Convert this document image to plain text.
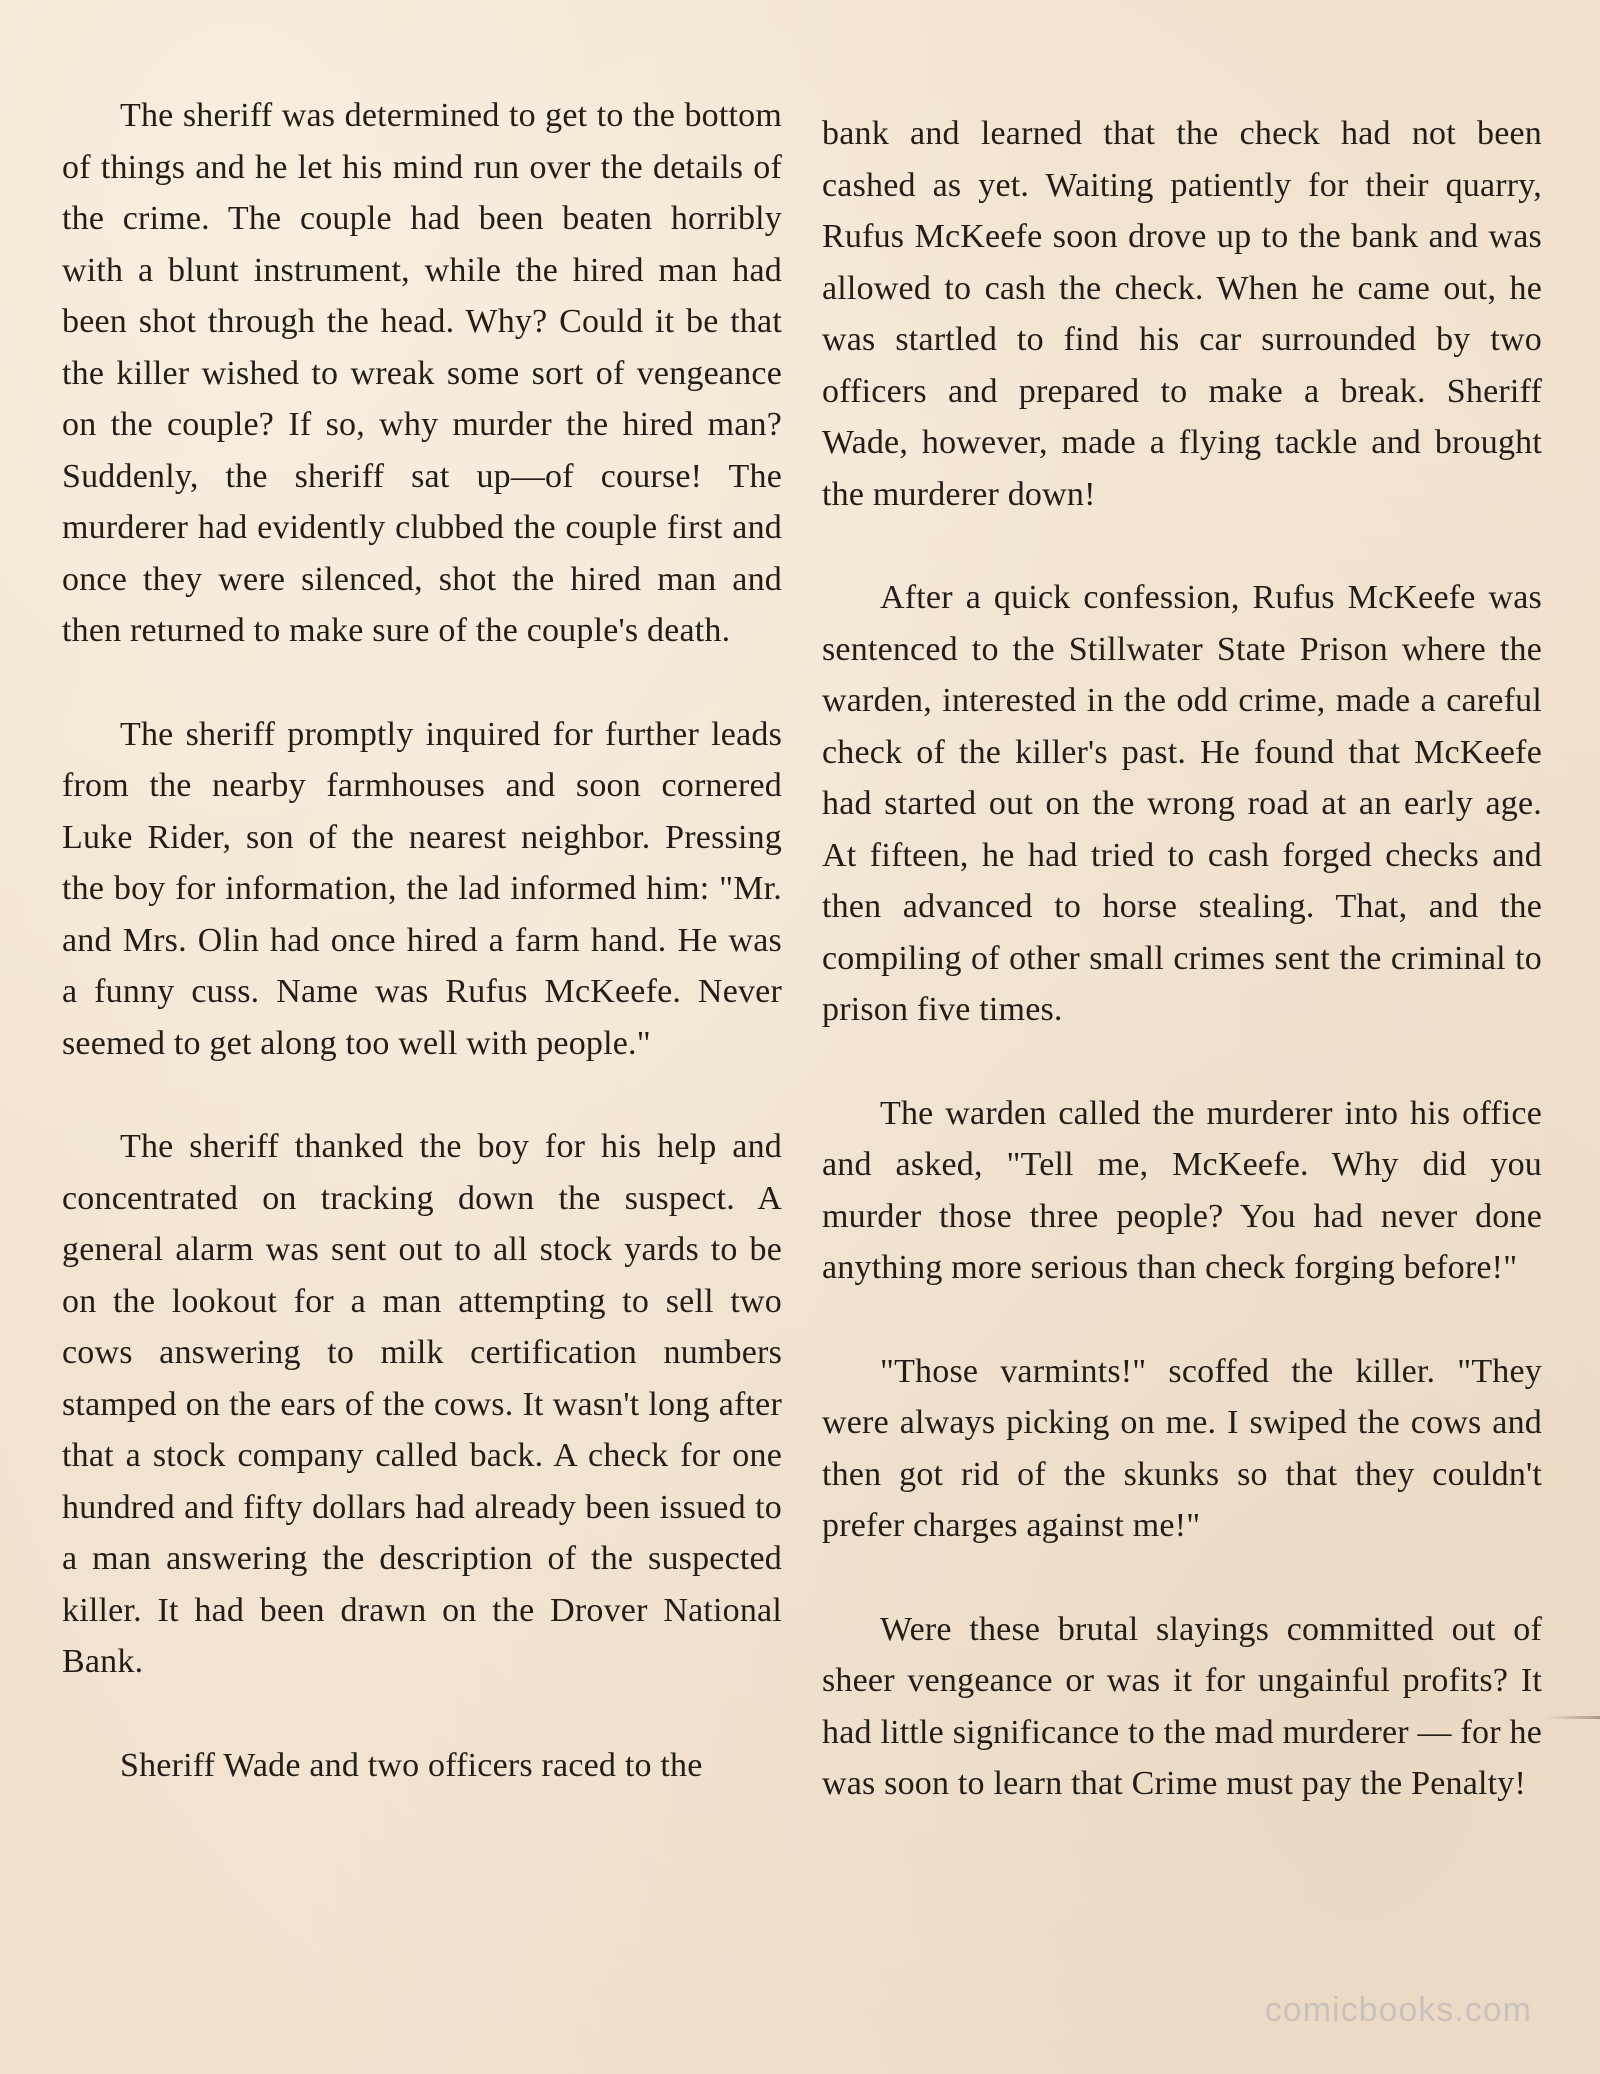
The sheriff was determined to get to the bottom of things and he let his mind run over the details of the crime. The couple had been beaten horribly with a blunt instrument, while the hired man had been shot through the head. Why? Could it be that the killer wished to wreak some sort of vengeance on the couple? If so, why murder the hired man? Suddenly, the sheriff sat up—of course! The murderer had evidently clubbed the couple first and once they were silenced, shot the hired man and then returned to make sure of the couple's death.

The sheriff promptly inquired for further leads from the nearby farmhouses and soon cornered Luke Rider, son of the nearest neighbor. Pressing the boy for information, the lad informed him: "Mr. and Mrs. Olin had once hired a farm hand. He was a funny cuss. Name was Rufus McKeefe. Never seemed to get along too well with people."

The sheriff thanked the boy for his help and concentrated on tracking down the suspect. A general alarm was sent out to all stock yards to be on the lookout for a man attempting to sell two cows answering to milk certification numbers stamped on the ears of the cows. It wasn't long after that a stock company called back. A check for one hundred and fifty dollars had already been issued to a man answering the description of the suspected killer. It had been drawn on the Drover National Bank.

Sheriff Wade and two officers raced to the

bank and learned that the check had not been cashed as yet. Waiting patiently for their quarry, Rufus McKeefe soon drove up to the bank and was allowed to cash the check. When he came out, he was startled to find his car surrounded by two officers and prepared to make a break. Sheriff Wade, however, made a flying tackle and brought the murderer down!

After a quick confession, Rufus McKeefe was sentenced to the Stillwater State Prison where the warden, interested in the odd crime, made a careful check of the killer's past. He found that McKeefe had started out on the wrong road at an early age. At fifteen, he had tried to cash forged checks and then advanced to horse stealing. That, and the compiling of other small crimes sent the criminal to prison five times.

The warden called the murderer into his office and asked, "Tell me, McKeefe. Why did you murder those three people? You had never done anything more serious than check forging before!"

"Those varmints!" scoffed the killer. "They were always picking on me. I swiped the cows and then got rid of the skunks so that they couldn't prefer charges against me!"

Were these brutal slayings committed out of sheer vengeance or was it for ungainful profits? It had little significance to the mad murderer — for he was soon to learn that Crime must pay the Penalty!

comicbooks.com
